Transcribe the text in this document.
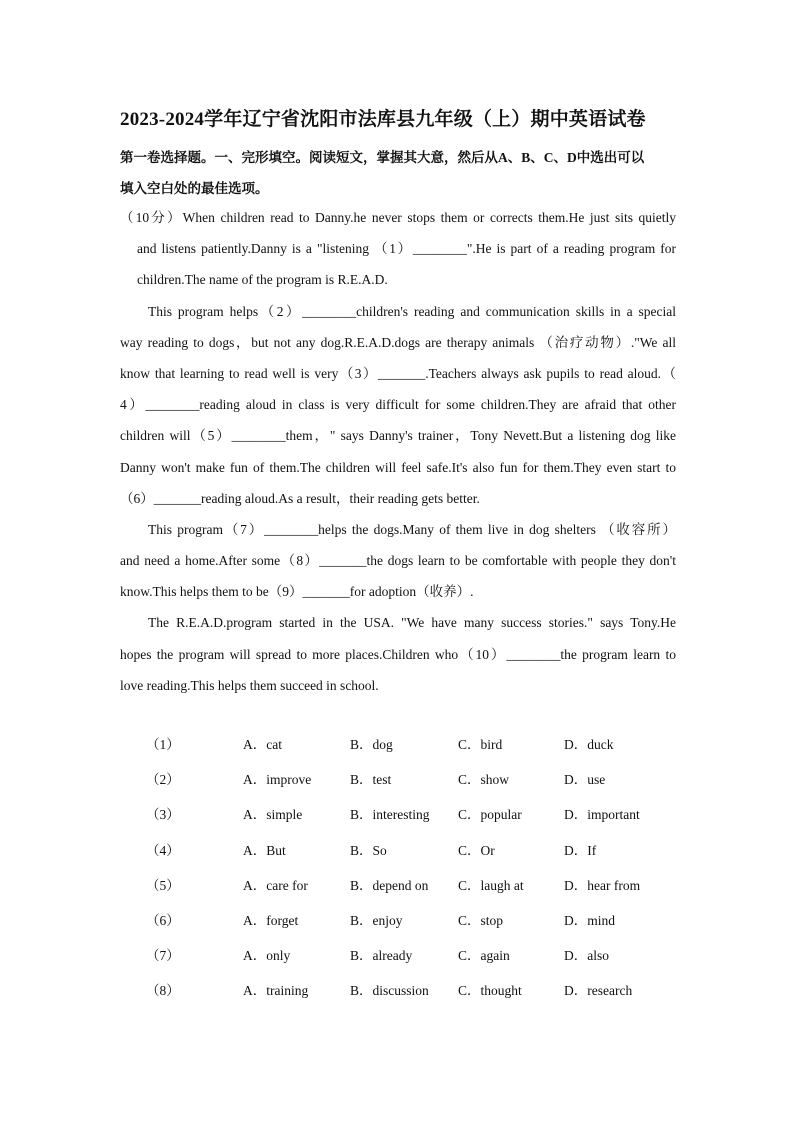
2023-2024学年辽宁省沈阳市法库县九年级（上）期中英语试卷
第一卷选择题。一、完形填空。阅读短文，掌握其大意，然后从A、B、C、D中选出可以
填入空白处的最佳选项。
（10分）When children read to Danny.he never stops them or corrects them.He just sits quietly
and listens patiently.Danny is a "listening （1）________".He is part of a reading program for
children.The name of the program is R.E.A.D.
This program helps（2）________children's reading and communication skills in a special
way reading to dogs，but not any dog.R.E.A.D.dogs are therapy animals （治疗动物）."We all
know that learning to read well is very（3）_______.Teachers always ask pupils to read aloud.（
4）________reading aloud in class is very difficult for some children.They are afraid that other
children will（5）________them，" says Danny's trainer，Tony Nevett.But a listening dog like
Danny won't make fun of them.The children will feel safe.It's also fun for them.They even start to
（6）_______reading aloud.As a result，their reading gets better.
This program（7）________helps the dogs.Many of them live in dog shelters （收容所）
and need a home.After some（8）_______the dogs learn to be comfortable with people they don't
know.This helps them to be（9）_______for adoption（收养）.
The R.E.A.D.program started in the USA. "We have many success stories." says Tony.He
hopes the program will spread to more places.Children who（10）________the program learn to
love reading.This helps them succeed in school.
（1）	A．cat	B．dog	C．bird	D．duck
（2）	A．improve	B．test	C．show	D．use
（3）	A．simple	B．interesting C．popular	D．important
（4）	A．But	B．So	C．Or	D．If
（5）	A．care for	B．depend on C．laugh at	D．hear from
（6）	A．forget	B．enjoy	C．stop	D．mind
（7）	A．only	B．already	C．again	D．also
（8）	A．training	B．discussion C．thought	D．research
